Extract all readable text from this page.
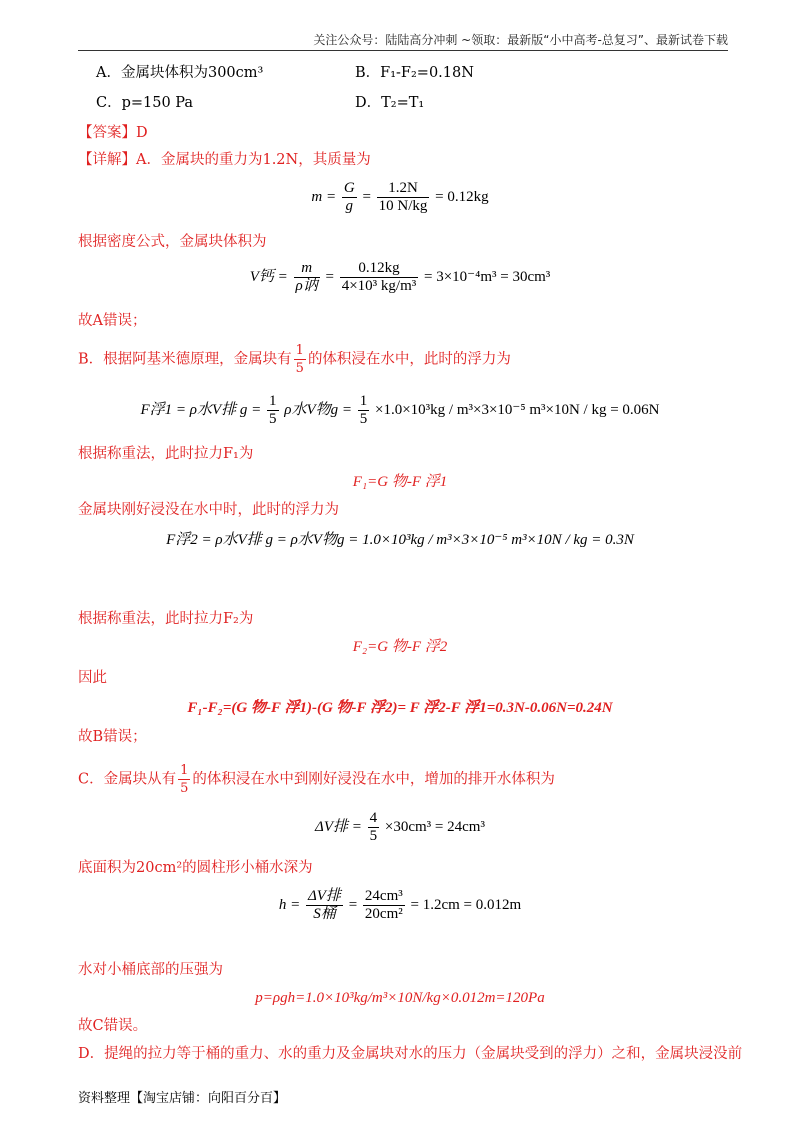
关注公众号：陆陆高分冲刺 ~领取：最新版“小中高考-总复习”、最新试卷下载
A．金属块体积为300cm³	B．F₁-F₂=0.18N
C．p=150 Pa	D．T₂=T₁
【答案】D
【详解】A．金属块的重力为1.2N，其质量为
$m = \frac{G}{g} = \frac{1.2N}{10 N/kg} = 0.12kg$
根据密度公式，金属块体积为
V钙 = $\frac{m}{\text{ρ讷}} = \frac{0.12kg}{\text{4×10³ kg/m³}} = 3\times 10^{-4}m^3 = 30cm^3$
故A错误；
B．根据阿基米德原理，金属块有 $\frac{1}{5}$ 的体积浸在水中，此时的浮力为
F浮1 = ρ水V排 $g = \frac{1}{5}$ ρ水V物$g = \frac{1}{5} \times 1.0\times 10^3kg / m^3\times 3\times 10^{-5}$ m³×10N / kg = 0.06N
根据称重法，此时拉力F₁为
F₁=G 物-F 浮1
金属块刚好浸没在水中时，此时的浮力为
F浮2 = ρ水V排 g = ρ水V物g = 1.0×10³kg / m³×3×10⁻⁵ m³×10N / kg = 0.3N
根据称重法，此时拉力F₂为
F₂=G 物-F 浮2
因此
F₁-F₂=(G 物-F 浮1)-(G 物-F 浮2)= F 浮2-F 浮1=0.3N-0.06N=0.24N
故B错误；
C．金属块从有 $\frac{1}{5}$ 的体积浸在水中到刚好浸没在水中，增加的排开水体积为
ΔV排 = $\frac{4}{5} \times 30cm^3 = 24cm^3$
底面积为20cm²的圆柱形小桶水深为
$h = \frac{\text{ΔV排}}{\text{S桶}} = \frac{\text{24cm³}}{\text{20cm²}} = 1.2cm = 0.012m$
水对小桶底部的压强为
p=ρgh=1.0×10³kg/m³×10N/kg×0.012m=120Pa
故C错误。
D．提绳的拉力等于桶的重力、水的重力及金属块对水的压力（金属块受到的浮力）之和，金属块浸没前
资料整理【淘宝店铺：向阳百分百】
